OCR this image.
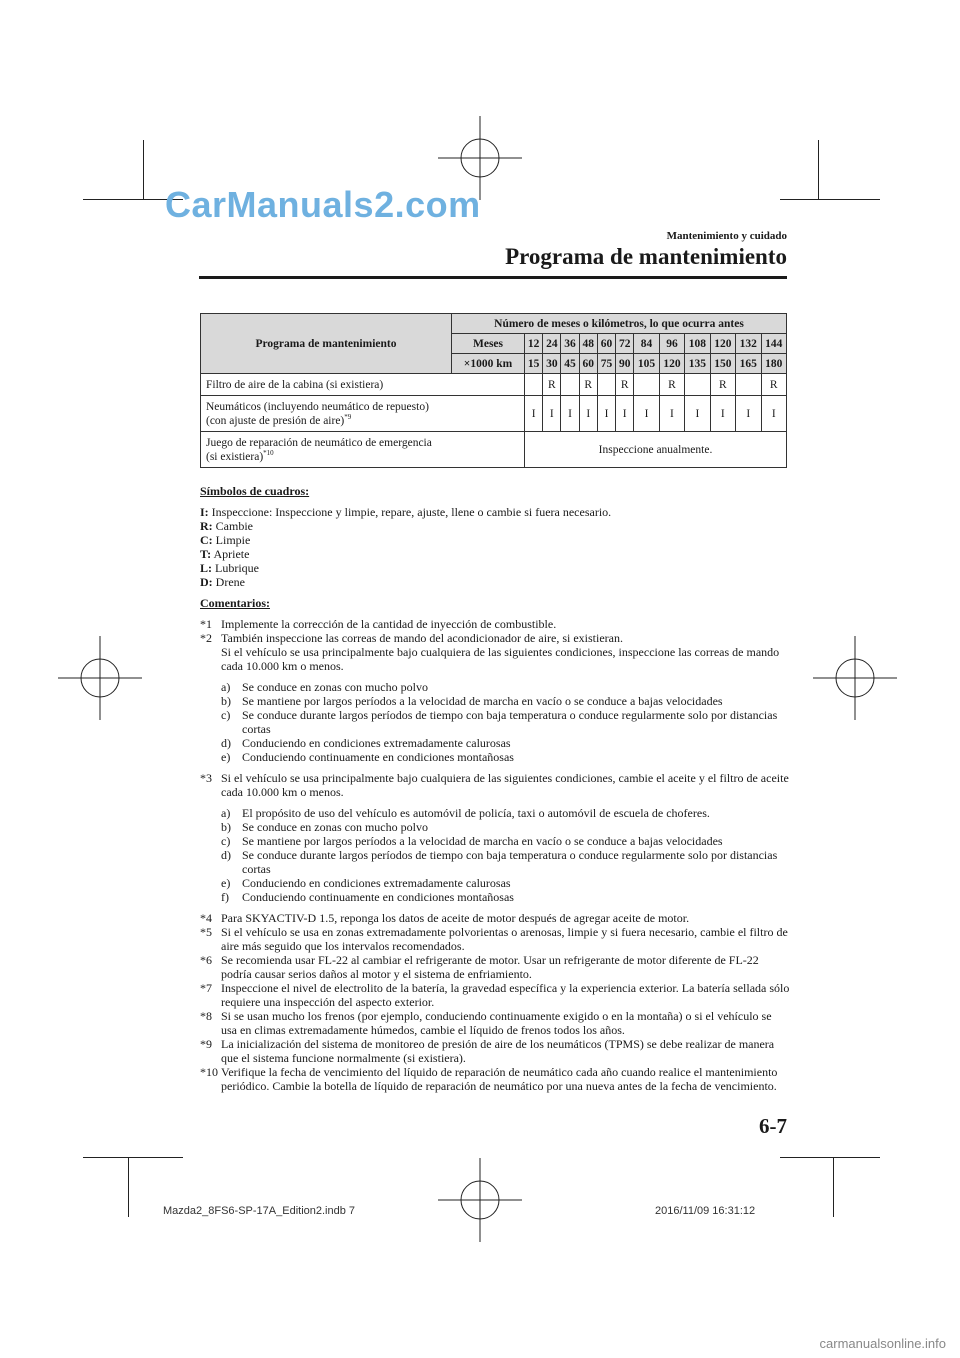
CarManuals2.com
Mantenimiento y cuidado
Programa de mantenimiento
Programa de mantenimiento	Número de meses o kilómetros, lo que ocurra antes												
	Meses	12	24	36	48	60	72	84	96	108	120	132	144
	×1000 km	15	30	45	60	75	90	105	120	135	150	165	180
Filtro de aire de la cabina (si existiera)			R		R		R		R		R		R
Neumáticos (incluyendo neumático de repuesto)
(con ajuste de presión de aire)$^{*9}$		I	I	I	I	I	I	I	I	I	I	I	I
Juego de reparación de neumático de emergencia
(si existiera)$^{*10}$		Inspeccione anualmente.											
Símbolos de cuadros:
I: Inspeccione: Inspeccione y limpie, repare, ajuste, llene o cambie si fuera necesario.
R: Cambie
C: Limpie
T: Apriete
L: Lubrique
D: Drene
Comentarios:
*1 Implemente la corrección de la cantidad de inyección de combustible.
*2 También inspeccione las correas de mando del acondicionador de aire, si existieran.
Si el vehículo se usa principalmente bajo cualquiera de las siguientes condiciones, inspeccione las correas de mando cada 10.000 km o menos.
a) Se conduce en zonas con mucho polvo
b) Se mantiene por largos períodos a la velocidad de marcha en vacío o se conduce a bajas velocidades
c) Se conduce durante largos períodos de tiempo con baja temperatura o conduce regularmente solo por distancias cortas
d) Conduciendo en condiciones extremadamente calurosas
e) Conduciendo continuamente en condiciones montañosas
*3 Si el vehículo se usa principalmente bajo cualquiera de las siguientes condiciones, cambie el aceite y el filtro de aceite cada 10.000 km o menos.
a) El propósito de uso del vehículo es automóvil de policía, taxi o automóvil de escuela de choferes.
b) Se conduce en zonas con mucho polvo
c) Se mantiene por largos períodos a la velocidad de marcha en vacío o se conduce a bajas velocidades
d) Se conduce durante largos períodos de tiempo con baja temperatura o conduce regularmente solo por distancias cortas
e) Conduciendo en condiciones extremadamente calurosas
f) Conduciendo continuamente en condiciones montañosas
*4 Para SKYACTIV-D 1.5, reponga los datos de aceite de motor después de agregar aceite de motor.
*5 Si el vehículo se usa en zonas extremadamente polvorientas o arenosas, limpie y si fuera necesario, cambie el filtro de aire más seguido que los intervalos recomendados.
*6 Se recomienda usar FL-22 al cambiar el refrigerante de motor. Usar un refrigerante de motor diferente de FL-22 podría causar serios daños al motor y el sistema de enfriamiento.
*7 Inspeccione el nivel de electrolito de la batería, la gravedad específica y la experiencia exterior. La batería sellada sólo requiere una inspección del aspecto exterior.
*8 Si se usan mucho los frenos (por ejemplo, conduciendo continuamente exigido o en la montaña) o si el vehículo se usa en climas extremadamente húmedos, cambie el líquido de frenos todos los años.
*9 La inicialización del sistema de monitoreo de presión de aire de los neumáticos (TPMS) se debe realizar de manera que el sistema funcione normalmente (si existiera).
*10 Verifique la fecha de vencimiento del líquido de reparación de neumático cada año cuando realice el mantenimiento periódico. Cambie la botella de líquido de reparación de neumático por una nueva antes de la fecha de vencimiento.
6-7
Mazda2_8FS6-SP-17A_Edition2.indb 7	2016/11/09 16:31:12
carmanualsonline.info
